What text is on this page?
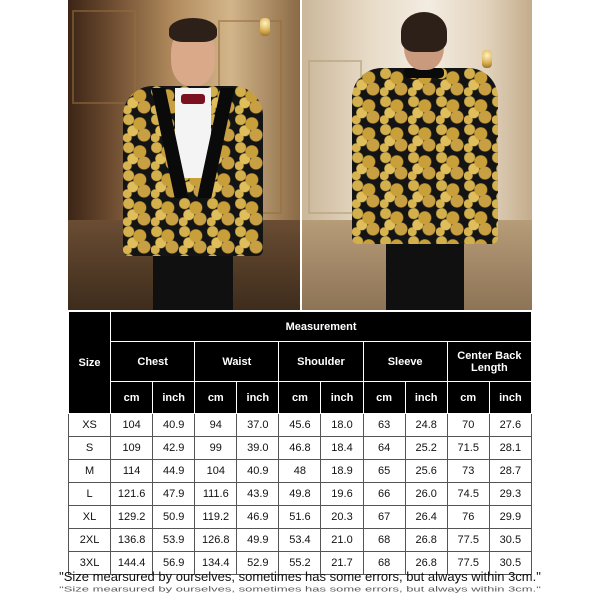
Size	Measurement									
	Chest		Waist		Shoulder		Sleeve		Center Back Length	
	cm	inch	cm	inch	cm	inch	cm	inch	cm	inch
XS	104	40.9	94	37.0	45.6	18.0	63	24.8	70	27.6
S	109	42.9	99	39.0	46.8	18.4	64	25.2	71.5	28.1
M	114	44.9	104	40.9	48	18.9	65	25.6	73	28.7
L	121.6	47.9	111.6	43.9	49.8	19.6	66	26.0	74.5	29.3
XL	129.2	50.9	119.2	46.9	51.6	20.3	67	26.4	76	29.9
2XL	136.8	53.9	126.8	49.9	53.4	21.0	68	26.8	77.5	30.5
3XL	144.4	56.9	134.4	52.9	55.2	21.7	68	26.8	77.5	30.5
"Size mearsured by ourselves, sometimes has some errors, but always within 3cm."
"Size mearsured by ourselves, sometimes has some errors, but always within 3cm."
